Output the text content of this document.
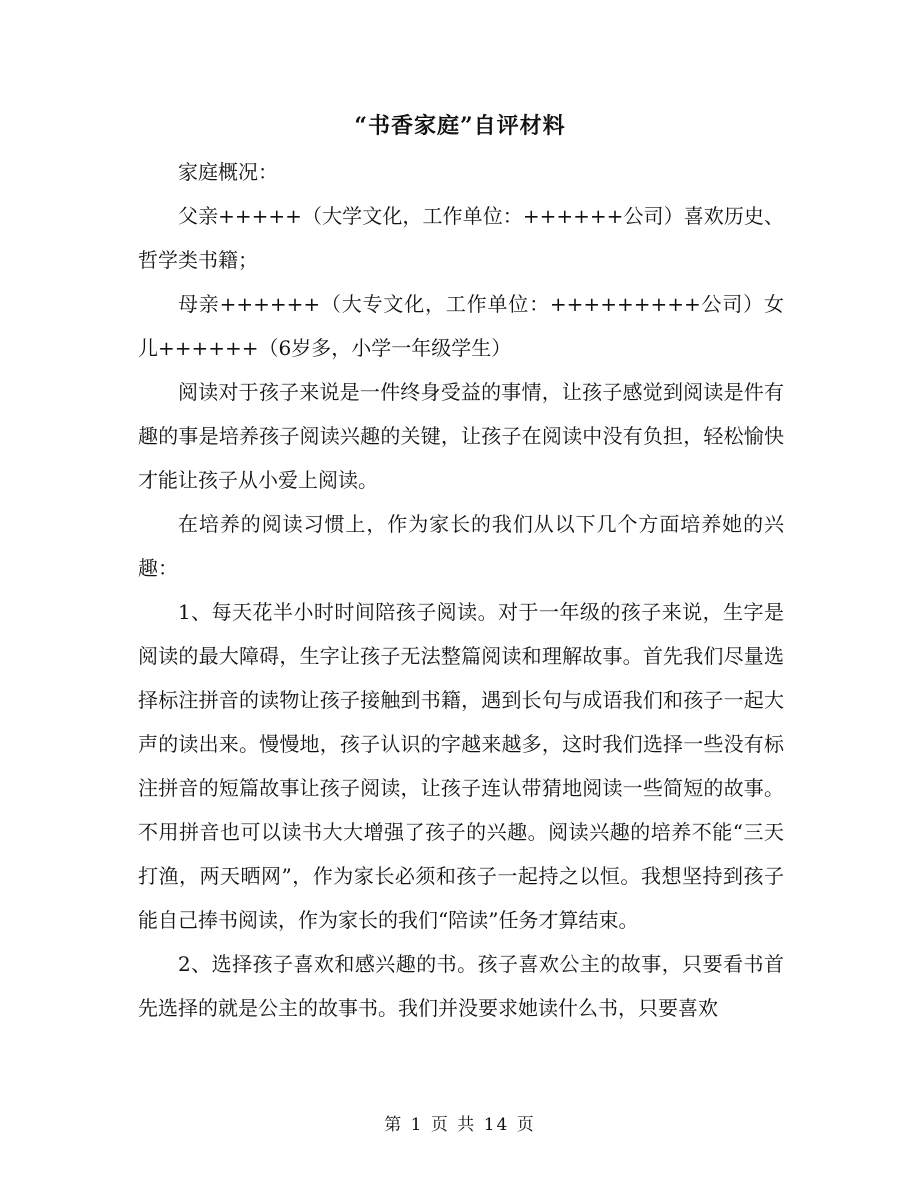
“书香家庭”自评材料

家庭概况：

父亲+++++（大学文化，工作单位：++++++公司）喜欢历史、哲学类书籍；

母亲++++++（大专文化，工作单位：+++++++++公司）女儿++++++（6岁多，小学一年级学生）

阅读对于孩子来说是一件终身受益的事情，让孩子感觉到阅读是件有趣的事是培养孩子阅读兴趣的关键，让孩子在阅读中没有负担，轻松愉快才能让孩子从小爱上阅读。

在培养的阅读习惯上，作为家长的我们从以下几个方面培养她的兴趣：

1、每天花半小时时间陪孩子阅读。对于一年级的孩子来说，生字是阅读的最大障碍，生字让孩子无法整篇阅读和理解故事。首先我们尽量选择标注拼音的读物让孩子接触到书籍，遇到长句与成语我们和孩子一起大声的读出来。慢慢地，孩子认识的字越来越多，这时我们选择一些没有标注拼音的短篇故事让孩子阅读，让孩子连认带猜地阅读一些简短的故事。不用拼音也可以读书大大增强了孩子的兴趣。阅读兴趣的培养不能“三天打渔，两天晒网”，作为家长必须和孩子一起持之以恒。我想坚持到孩子能自己捧书阅读，作为家长的我们“陪读”任务才算结束。

2、选择孩子喜欢和感兴趣的书。孩子喜欢公主的故事，只要看书首先选择的就是公主的故事书。我们并没要求她读什么书，只要喜欢

第 1 页 共 14 页
